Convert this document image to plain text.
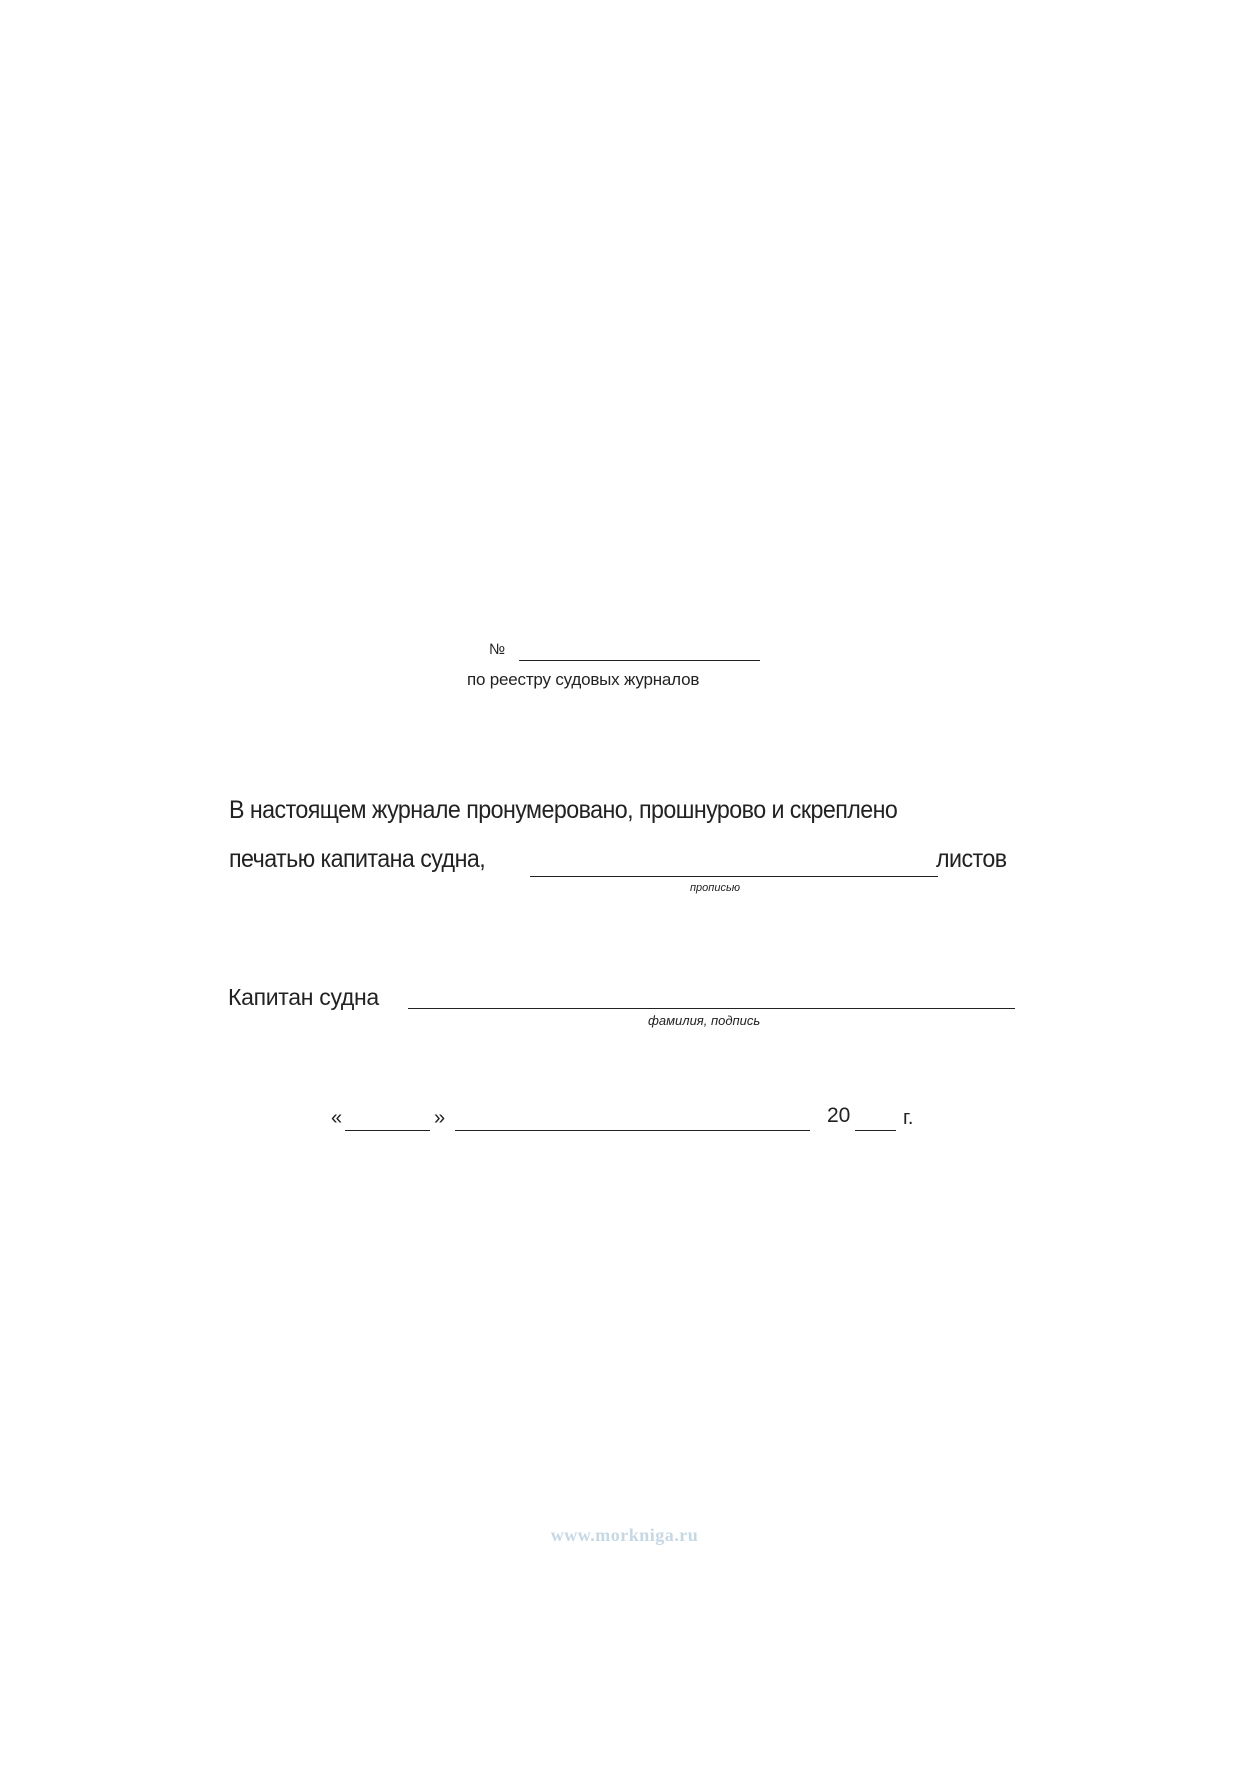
№
по реестру судовых журналов
В настоящем журнале пронумеровано, прошнурово и скреплено
печатью капитана судна,	листов
прописью
Капитан судна
фамилия, подпись
«	»	20	г.
www.morkniga.ru
